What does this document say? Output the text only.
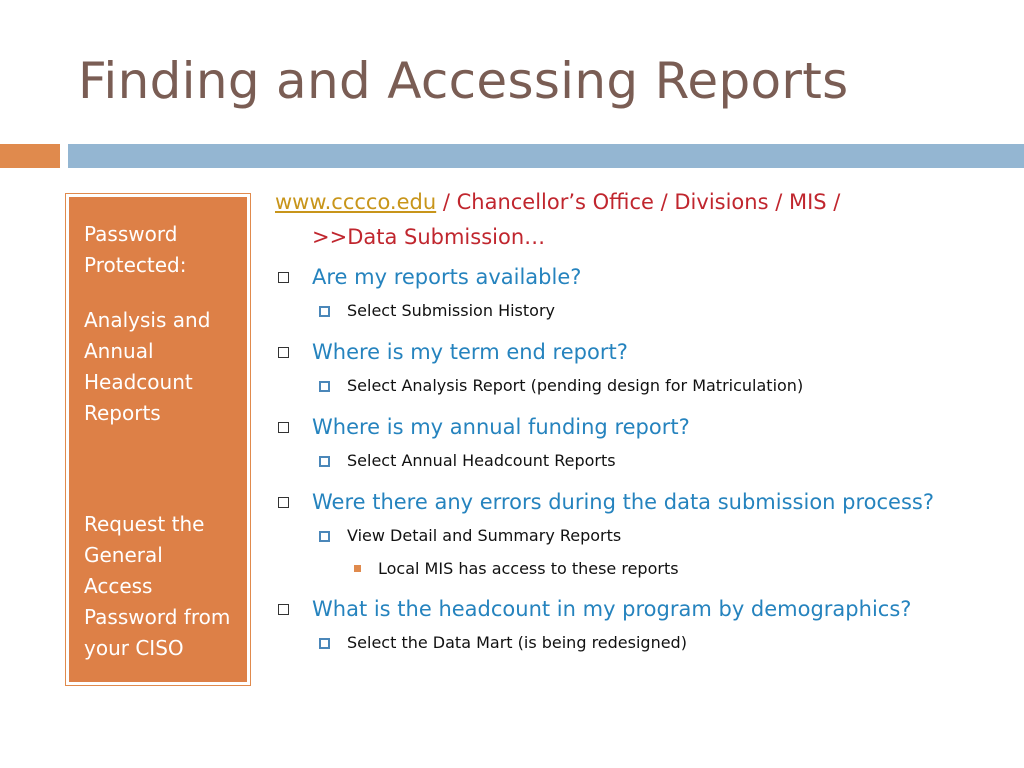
Finding and Accessing Reports

Password Protected:

Analysis and Annual Headcount Reports

Request the General Access Password from your CISO

www.cccco.edu / Chancellor’s Office / Divisions / MIS /
>>Data Submission…
Are my reports available?
Select Submission History
Where is my term end report?
Select Analysis Report (pending design for Matriculation)
Where is my annual funding report?
Select Annual Headcount Reports
Were there any errors during the data submission process?
View Detail and Summary Reports
Local MIS has access to these reports
What is the headcount in my program by demographics?
Select the Data Mart (is being redesigned)
